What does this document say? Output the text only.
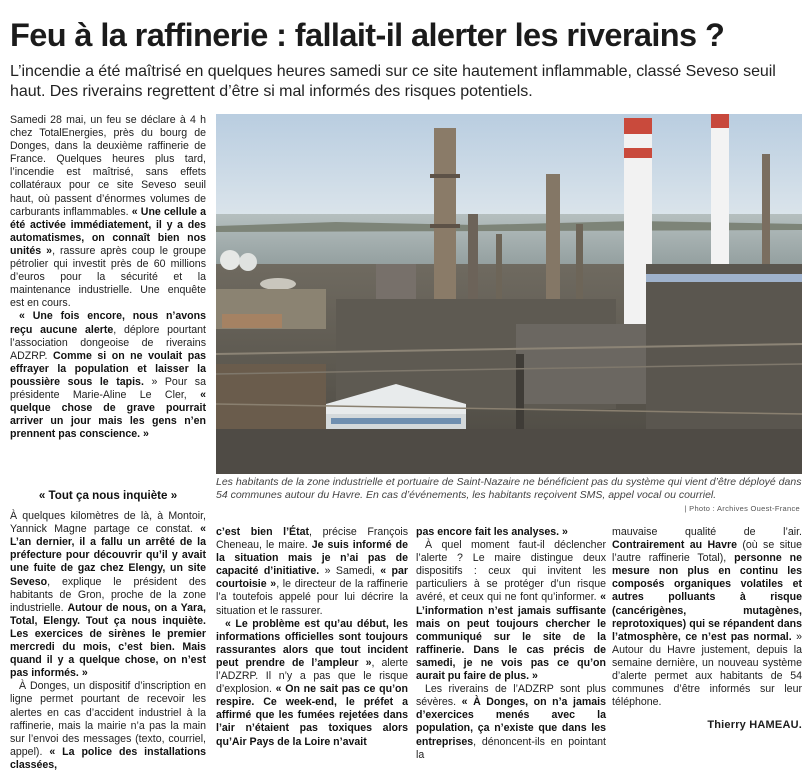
Feu à la raffinerie : fallait-il alerter les riverains ?
L’incendie a été maîtrisé en quelques heures samedi sur ce site hautement inflammable, classé Seveso seuil haut. Des riverains regrettent d’être si mal informés des risques potentiels.

Samedi 28 mai, un feu se déclare à 4 h chez TotalEnergies, près du bourg de Donges, dans la deuxième raffinerie de France. Quelques heures plus tard, l’incendie est maîtrisé, sans effets collatéraux pour ce site Seveso seuil haut, où passent d’énormes volumes de carburants inflammables. « Une cellule a été activée immédiatement, il y a des automatismes, on connaît bien nos unités », rassure après coup le groupe pétrolier qui investit près de 60 millions d’euros pour la sécurité et la maintenance industrielle. Une enquête est en cours.

« Une fois encore, nous n’avons reçu aucune alerte, déplore pourtant l’association dongeoise de riverains ADZRP. Comme si on ne voulait pas effrayer la population et laisser la poussière sous le tapis. » Pour sa présidente Marie-Aline Le Cler, « quelque chose de grave pourrait arriver un jour mais les gens n’en prennent pas conscience. »

« Tout ça nous inquiète »

À quelques kilomètres de là, à Montoir, Yannick Magne partage ce constat. « L’an dernier, il a fallu un arrêté de la préfecture pour découvrir qu’il y avait une fuite de gaz chez Elengy, un site Seveso, explique le président des habitants de Gron, proche de la zone industrielle. Autour de nous, on a Yara, Total, Elengy. Tout ça nous inquiète. Les exercices de sirènes le premier mercredi du mois, c’est bien. Mais quand il y a quelque chose, on n’est pas informés. »

À Donges, un dispositif d’inscription en ligne permet pourtant de recevoir les alertes en cas d’accident industriel à la raffinerie, mais la mairie n’a pas la main sur l’envoi des messages (texto, courriel, appel). « La police des installations classées,

Les habitants de la zone industrielle et portuaire de Saint-Nazaire ne bénéficient pas du système qui vient d’être déployé dans 54 communes autour du Havre. En cas d’événements, les habitants reçoivent SMS, appel vocal ou courriel.
| Photo : Archives Ouest-France

c’est bien l’État, précise François Cheneau, le maire. Je suis informé de la situation mais je n’ai pas de capacité d’initiative. » Samedi, « par courtoisie », le directeur de la raffinerie l’a toutefois appelé pour lui décrire la situation et le rassurer.

« Le problème est qu’au début, les informations officielles sont toujours rassurantes alors que tout incident peut prendre de l’ampleur », alerte l’ADZRP. Il n’y a pas que le risque d’explosion. « On ne sait pas ce qu’on respire. Ce week-end, le préfet a affirmé que les fumées rejetées dans l’air n’étaient pas toxiques alors qu’Air Pays de la Loire n’avait

pas encore fait les analyses. »

À quel moment faut-il déclencher l’alerte ? Le maire distingue deux dispositifs : ceux qui invitent les particuliers à se protéger d’un risque avéré, et ceux qui ne font qu’informer. « L’information n’est jamais suffisante mais on peut toujours chercher le communiqué sur le site de la raffinerie. Dans le cas précis de samedi, je ne vois pas ce qu’on aurait pu faire de plus. »

Les riverains de l’ADZRP sont plus sévères. « À Donges, on n’a jamais d’exercices menés avec la population, ça n’existe que dans les entreprises, dénoncent-ils en pointant la

mauvaise qualité de l’air. Contrairement au Havre (où se situe l’autre raffinerie Total), personne ne mesure non plus en continu les composés organiques volatiles et autres polluants à risque (cancérigènes, mutagènes, reprotoxiques) qui se répandent dans l’atmosphère, ce n’est pas normal. » Autour du Havre justement, depuis la semaine dernière, un nouveau système d’alerte permet aux habitants de 54 communes d’être informés sur leur téléphone.

Thierry HAMEAU.
